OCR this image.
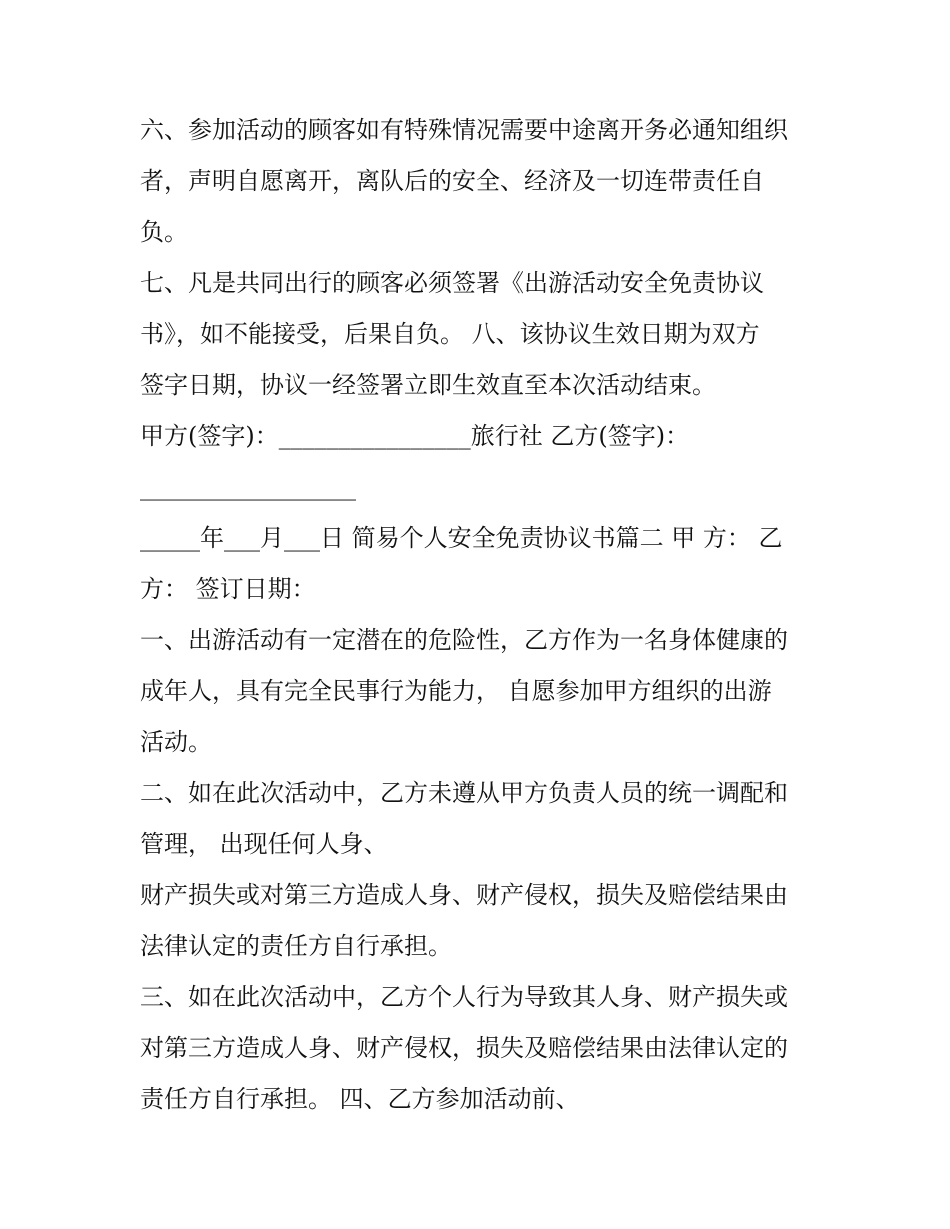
六、参加活动的顾客如有特殊情况需要中途离开务必通知组织
者，声明自愿离开，离队后的安全、经济及一切连带责任自
负。
七、凡是共同出行的顾客必须签署《出游活动安全免责协议
书》，如不能接受，后果自负。 八、该协议生效日期为双方
签字日期，协议一经签署立即生效直至本次活动结束。
甲方(签字)：________________旅行社 乙方(签字)：
__________________
_____年___月___日 简易个人安全免责协议书篇二 甲 方： 乙
方： 签订日期：
一、出游活动有一定潜在的危险性，乙方作为一名身体健康的
成年人，具有完全民事行为能力， 自愿参加甲方组织的出游
活动。
二、如在此次活动中，乙方未遵从甲方负责人员的统一调配和
管理， 出现任何人身、
财产损失或对第三方造成人身、财产侵权，损失及赔偿结果由
法律认定的责任方自行承担。
三、如在此次活动中，乙方个人行为导致其人身、财产损失或
对第三方造成人身、财产侵权，损失及赔偿结果由法律认定的
责任方自行承担。 四、乙方参加活动前、
